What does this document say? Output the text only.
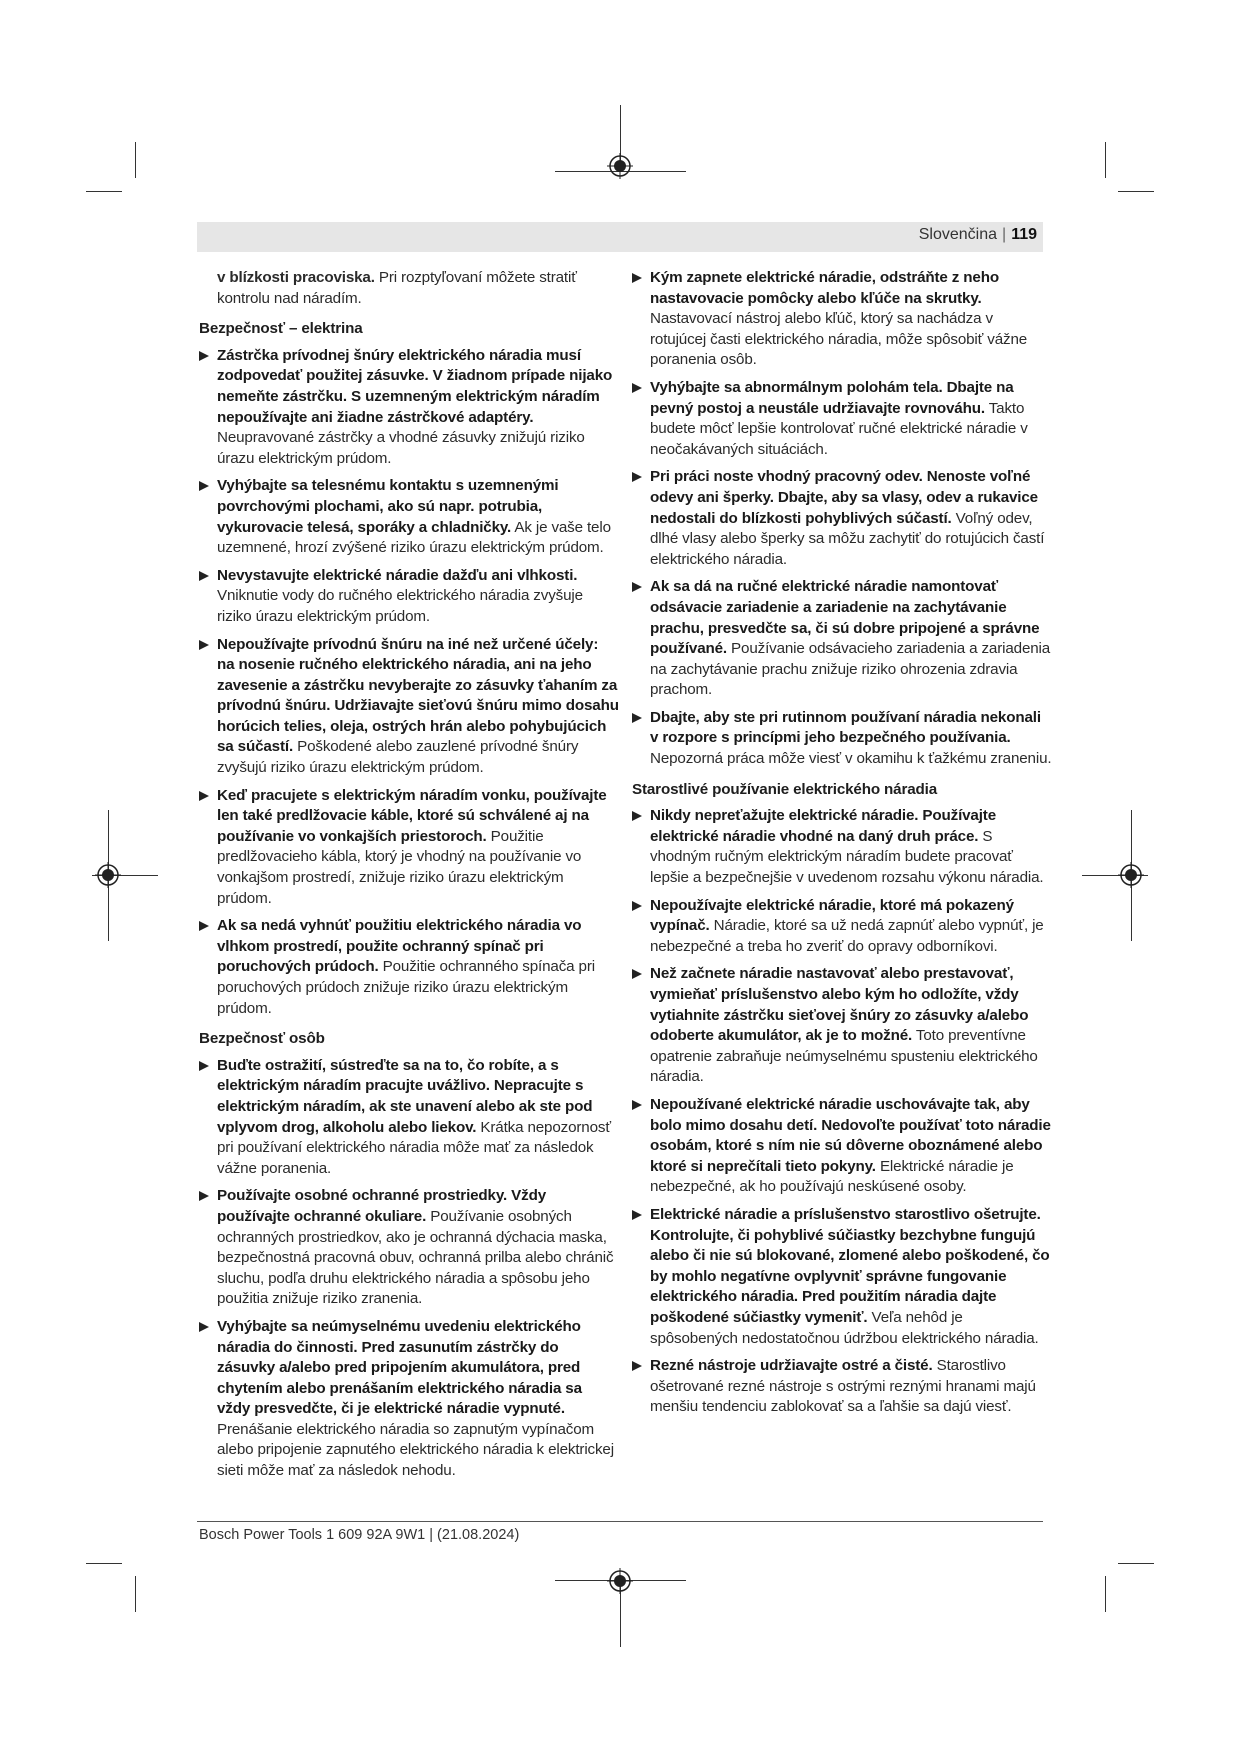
Slovenčina | 119
v blízkosti pracoviska. Pri rozptyľovaní môžete stratiť kontrolu nad náradím.
Bezpečnosť – elektrina
Zástrčka prívodnej šnúry elektrického náradia musí zodpovedať použitej zásuvke. V žiadnom prípade nijako nemeňte zástrčku. S uzemneným elektrickým náradím nepoužívajte ani žiadne zástrčkové adaptéry. Neupravované zástrčky a vhodné zásuvky znižujú riziko úrazu elektrickým prúdom.
Vyhýbajte sa telesnému kontaktu s uzemnenými povrchovými plochami, ako sú napr. potrubia, vykurovacie telesá, sporáky a chladničky. Ak je vaše telo uzemnené, hrozí zvýšené riziko úrazu elektrickým prúdom.
Nevystavujte elektrické náradie dažďu ani vlhkosti. Vniknutie vody do ručného elektrického náradia zvyšuje riziko úrazu elektrickým prúdom.
Nepoužívajte prívodnú šnúru na iné než určené účely: na nosenie ručného elektrického náradia, ani na jeho zavesenie a zástrčku nevyberajte zo zásuvky ťahaním za prívodnú šnúru. Udržiavajte sieťovú šnúru mimo dosahu horúcich telies, oleja, ostrých hrán alebo pohybujúcich sa súčastí. Poškodené alebo zauzlené prívodné šnúry zvyšujú riziko úrazu elektrickým prúdom.
Keď pracujete s elektrickým náradím vonku, používajte len také predlžovacie káble, ktoré sú schválené aj na používanie vo vonkajších priestoroch. Použitie predlžovacieho kábla, ktorý je vhodný na používanie vo vonkajšom prostredí, znižuje riziko úrazu elektrickým prúdom.
Ak sa nedá vyhnúť použitiu elektrického náradia vo vlhkom prostredí, použite ochranný spínač pri poruchových prúdoch. Použitie ochranného spínača pri poruchových prúdoch znižuje riziko úrazu elektrickým prúdom.
Bezpečnosť osôb
Buďte ostražití, sústreďte sa na to, čo robíte, a s elektrickým náradím pracujte uvážlivo. Nepracujte s elektrickým náradím, ak ste unavení alebo ak ste pod vplyvom drog, alkoholu alebo liekov. Krátka nepozornosť pri používaní elektrického náradia môže mať za následok vážne poranenia.
Používajte osobné ochranné prostriedky. Vždy používajte ochranné okuliare. Používanie osobných ochranných prostriedkov, ako je ochranná dýchacia maska, bezpečnostná pracovná obuv, ochranná prilba alebo chránič sluchu, podľa druhu elektrického náradia a spôsobu jeho použitia znižuje riziko zranenia.
Vyhýbajte sa neúmyselnému uvedeniu elektrického náradia do činnosti. Pred zasunutím zástrčky do zásuvky a/alebo pred pripojením akumulátora, pred chytením alebo prenášaním elektrického náradia sa vždy presvedčte, či je elektrické náradie vypnuté. Prenášanie elektrického náradia so zapnutým vypínačom alebo pripojenie zapnutého elektrického náradia k elektrickej sieti môže mať za následok nehodu.
Kým zapnete elektrické náradie, odstráňte z neho nastavovacie pomôcky alebo kľúče na skrutky. Nastavovací nástroj alebo kľúč, ktorý sa nachádza v rotujúcej časti elektrického náradia, môže spôsobiť vážne poranenia osôb.
Vyhýbajte sa abnormálnym polohám tela. Dbajte na pevný postoj a neustále udržiavajte rovnováhu. Takto budete môcť lepšie kontrolovať ručné elektrické náradie v neočakávaných situáciách.
Pri práci noste vhodný pracovný odev. Nenoste voľné odevy ani šperky. Dbajte, aby sa vlasy, odev a rukavice nedostali do blízkosti pohyblivých súčastí. Voľný odev, dlhé vlasy alebo šperky sa môžu zachytiť do rotujúcich častí elektrického náradia.
Ak sa dá na ručné elektrické náradie namontovať odsávacie zariadenie a zariadenie na zachytávanie prachu, presvedčte sa, či sú dobre pripojené a správne používané. Používanie odsávacieho zariadenia a zariadenia na zachytávanie prachu znižuje riziko ohrozenia zdravia prachom.
Dbajte, aby ste pri rutinnom používaní náradia nekonali v rozpore s princípmi jeho bezpečného používania. Nepozorná práca môže viesť v okamihu k ťažkému zraneniu.
Starostlivé používanie elektrického náradia
Nikdy nepreťažujte elektrické náradie. Používajte elektrické náradie vhodné na daný druh práce. S vhodným ručným elektrickým náradím budete pracovať lepšie a bezpečnejšie v uvedenom rozsahu výkonu náradia.
Nepoužívajte elektrické náradie, ktoré má pokazený vypínač. Náradie, ktoré sa už nedá zapnúť alebo vypnúť, je nebezpečné a treba ho zveriť do opravy odborníkovi.
Než začnete náradie nastavovať alebo prestavovať, vymieňať príslušenstvo alebo kým ho odložíte, vždy vytiahnite zástrčku sieťovej šnúry zo zásuvky a/alebo odoberte akumulátor, ak je to možné. Toto preventívne opatrenie zabraňuje neúmyselnému spusteniu elektrického náradia.
Nepoužívané elektrické náradie uschovávajte tak, aby bolo mimo dosahu detí. Nedovoľte používať toto náradie osobám, ktoré s ním nie sú dôverne oboznámené alebo ktoré si neprečítali tieto pokyny. Elektrické náradie je nebezpečné, ak ho používajú neskúsené osoby.
Elektrické náradie a príslušenstvo starostlivo ošetrujte. Kontrolujte, či pohyblivé súčiastky bezchybne fungujú alebo či nie sú blokované, zlomené alebo poškodené, čo by mohlo negatívne ovplyvniť správne fungovanie elektrického náradia. Pred použitím náradia dajte poškodené súčiastky vymeniť. Veľa nehôd je spôsobených nedostatočnou údržbou elektrického náradia.
Rezné nástroje udržiavajte ostré a čisté. Starostlivo ošetrované rezné nástroje s ostrými reznými hranami majú menšiu tendenciu zablokovať sa a ľahšie sa dajú viesť.
Bosch Power Tools 1 609 92A 9W1 | (21.08.2024)
